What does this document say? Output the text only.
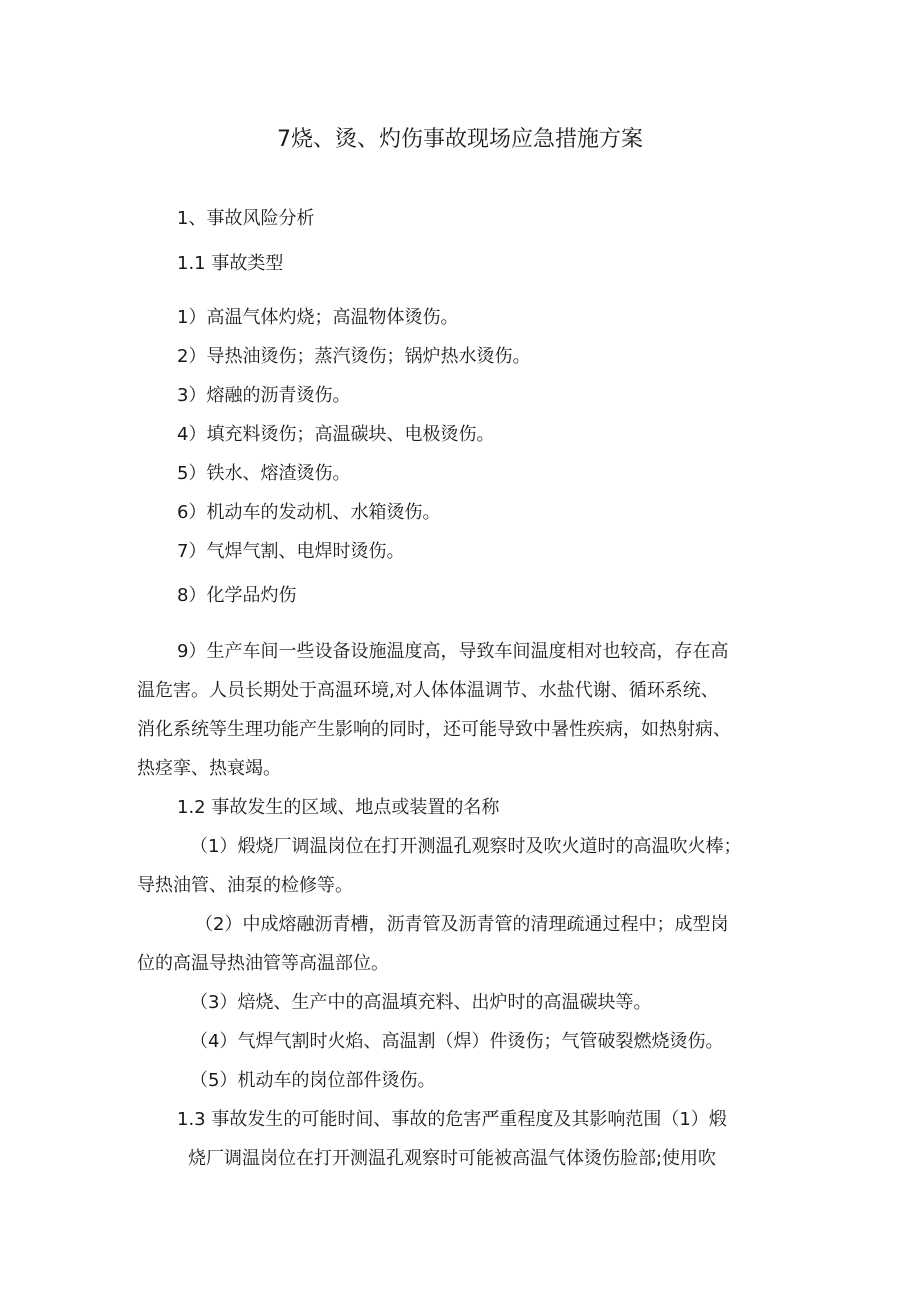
7烧、烫、灼伤事故现场应急措施方案
1、事故风险分析
1.1 事故类型
1）高温气体灼烧；高温物体烫伤。
2）导热油烫伤；蒸汽烫伤；锅炉热水烫伤。
3）熔融的沥青烫伤。
4）填充料烫伤；高温碳块、电极烫伤。
5）铁水、熔渣烫伤。
6）机动车的发动机、水箱烫伤。
7）气焊气割、电焊时烫伤。
8）化学品灼伤
9）生产车间一些设备设施温度高，导致车间温度相对也较高，存在高
温危害。人员长期处于高温环境,对人体体温调节、水盐代谢、循环系统、
消化系统等生理功能产生影响的同时，还可能导致中暑性疾病，如热射病、
热痉挛、热衰竭。
1.2 事故发生的区域、地点或装置的名称
（1）煅烧厂调温岗位在打开测温孔观察时及吹火道时的高温吹火棒；
导热油管、油泵的检修等。
（2）中成熔融沥青槽，沥青管及沥青管的清理疏通过程中；成型岗
位的高温导热油管等高温部位。
（3）焙烧、生产中的高温填充料、出炉时的高温碳块等。
（4）气焊气割时火焰、高温割（焊）件烫伤；气管破裂燃烧烫伤。
（5）机动车的岗位部件烫伤。
1.3 事故发生的可能时间、事故的危害严重程度及其影响范围（1）煅
烧厂调温岗位在打开测温孔观察时可能被高温气体烫伤脸部;使用吹
